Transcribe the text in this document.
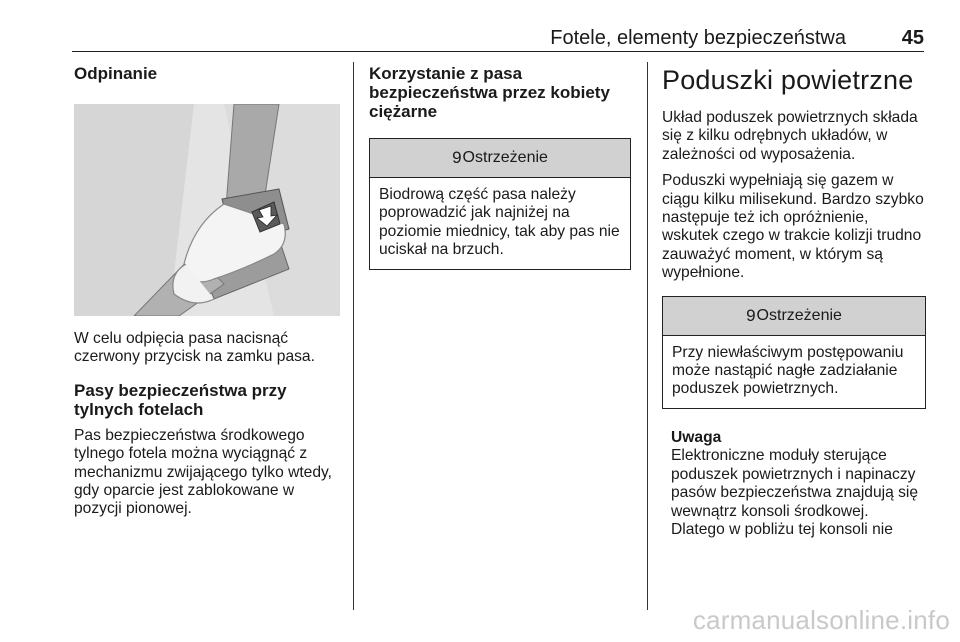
Fotele, elementy bezpieczeństwa	45
Odpinanie

W celu odpięcia pasa nacisnąć czerwony przycisk na zamku pasa.

Pasy bezpieczeństwa przy tylnych fotelach

Pas bezpieczeństwa środkowego tylnego fotela można wyciągnąć z mechanizmu zwijającego tylko wtedy, gdy oparcie jest zablokowane w pozycji pionowej.

Korzystanie z pasa bezpieczeństwa przez kobiety ciężarne
9 Ostrzeżenie

Biodrową część pasa należy poprowadzić jak najniżej na poziomie miednicy, tak aby pas nie uciskał na brzuch.

Poduszki powietrzne

Układ poduszek powietrznych składa się z kilku odrębnych układów, w zależności od wyposażenia.

Poduszki wypełniają się gazem w ciągu kilku milisekund. Bardzo szybko następuje też ich opróżnienie, wskutek czego w trakcie kolizji trudno zauważyć moment, w którym są wypełnione.

9 Ostrzeżenie

Przy niewłaściwym postępowaniu może nastąpić nagłe zadziałanie poduszek powietrznych.

Uwaga

Elektroniczne moduły sterujące poduszek powietrznych i napinaczy pasów bezpieczeństwa znajdują się wewnątrz konsoli środkowej. Dlatego w pobliżu tej konsoli nie

carmanualsonline.info
